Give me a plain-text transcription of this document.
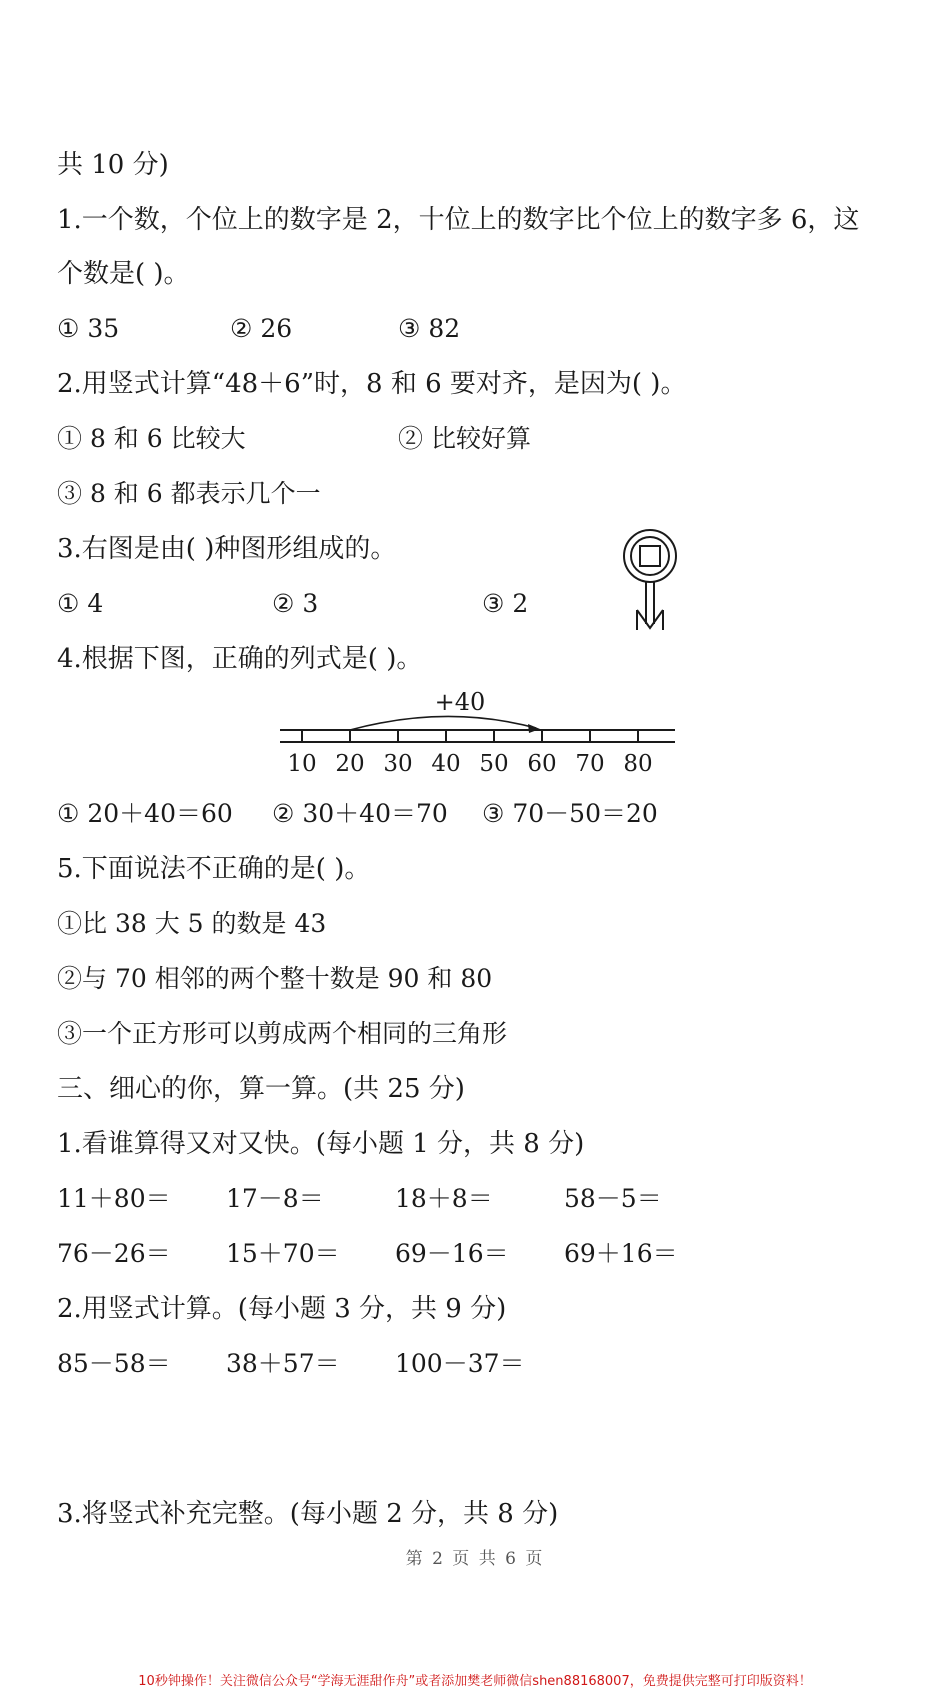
共 10 分)
1.一个数，个位上的数字是 2，十位上的数字比个位上的数字多 6，这
个数是( )。
① 35	② 26	③ 82
2.用竖式计算“48＋6”时，8 和 6 要对齐，是因为( )。
① 8 和 6 比较大	② 比较好算
③ 8 和 6 都表示几个一
3.右图是由( )种图形组成的。
① 4	② 3	③ 2
4.根据下图，正确的列式是( )。
10 20 30 40 50 60 70 80
+40
① 20＋40＝60 ② 30＋40＝70 ③ 70－50＝20
5.下面说法不正确的是( )。
①比 38 大 5 的数是 43
②与 70 相邻的两个整十数是 90 和 80
③一个正方形可以剪成两个相同的三角形
三、细心的你，算一算。(共 25 分)
1.看谁算得又对又快。(每小题 1 分，共 8 分)
11＋80＝ 17－8＝	18＋8＝	58－5＝
76－26＝ 15＋70＝ 69－16＝ 69＋16＝
2.用竖式计算。(每小题 3 分，共 9 分)
85－58＝ 38＋57＝ 100－37＝
3.将竖式补充完整。(每小题 2 分，共 8 分)
第 2 页 共 6 页
10秒钟操作！关注微信公众号“学海无涯甜作舟”或者添加樊老师微信shen88168007，免费提供完整可打印版资料！
